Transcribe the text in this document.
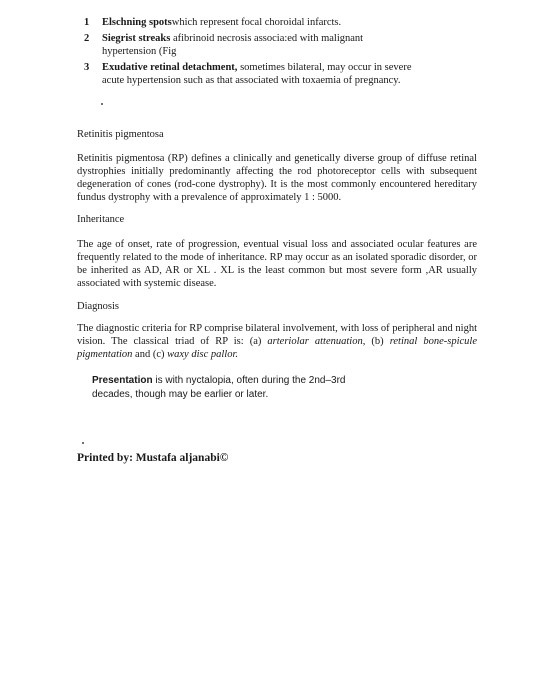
1 Elschning spotswhich represent focal choroidal infarcts.
2 Siegrist streaks afibrinoid necrosis associa:ed with malignant hypertension (Fig
3 Exudative retinal detachment, sometimes bilateral, may occur in severe acute hypertension such as that associated with toxaemia of pregnancy.
Retinitis pigmentosa
Retinitis pigmentosa (RP) defines a clinically and genetically diverse group of diffuse retinal dystrophies initially predominantly affecting the rod photoreceptor cells with subsequent degeneration of cones (rod-cone dystrophy). It is the most commonly encountered hereditary fundus dystrophy with a prevalence of approximately 1 : 5000.
Inheritance
The age of onset, rate of progression, eventual visual loss and associated ocular features are frequently related to the mode of inheritance. RP may occur as an isolated sporadic disorder, or be inherited as AD, AR or XL . XL is the least common but most severe form ,AR usually associated with systemic disease.
Diagnosis
The diagnostic criteria for RP comprise bilateral involvement, with loss of peripheral and night vision. The classical triad of RP is: (a) arteriolar attenuation, (b) retinal bone-spicule pigmentation and (c) waxy disc pallor.
Presentation is with nyctalopia, often during the 2nd–3rd decades, though may be earlier or later.
Printed by: Mustafa aljanabi©
